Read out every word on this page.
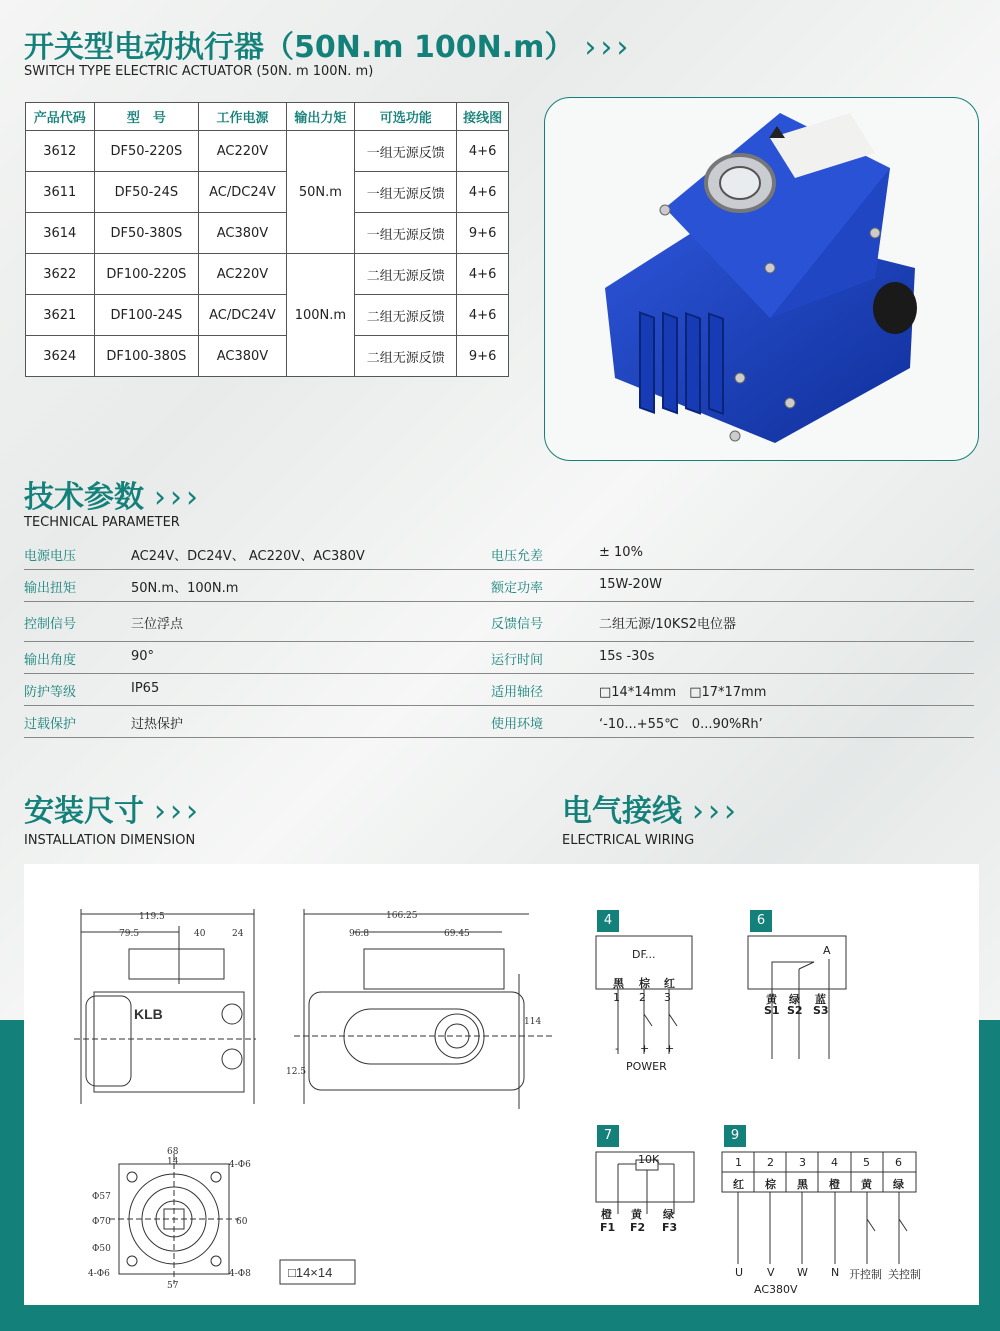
开关型电动执行器（50N.m 100N.m） ›››
SWITCH TYPE ELECTRIC ACTUATOR (50N. m 100N. m)
产品代码	型　号	工作电源	输出力矩	可选功能	接线图
3612	DF50-220S	AC220V	50N.m	一组无源反馈	4+6
3611	DF50-24S	AC/DC24V		一组无源反馈	4+6
3614	DF50-380S	AC380V		一组无源反馈	9+6
3622	DF100-220S	AC220V	100N.m	二组无源反馈	4+6
3621	DF100-24S	AC/DC24V		二组无源反馈	4+6
3624	DF100-380S	AC380V		二组无源反馈	9+6
技术参数 ›››
TECHNICAL PARAMETER
电源电压	AC24V、DC24V、 AC220V、AC380V	电压允差	± 10%
输出扭矩	50N.m、100N.m	额定功率	15W-20W
控制信号	三位浮点	反馈信号	二组无源/10KS2电位器
输出角度	90°	运行时间	15s -30s
防护等级	IP65	适用轴径	□14*14mm　□17*17mm
过载保护	过热保护	使用环境	‘-10...+55℃　0...90%Rh’
安装尺寸 ›››
INSTALLATION DIMENSION
电气接线 ›››
ELECTRICAL WIRING
119.5
79.5	40	24
166.25
96.8	69.45
114
12.5
68
14	4-Φ6
Φ57
Φ70
Φ50
60
4-Φ6	4-Φ8
57
KLB
□14×14
4
DF...
黑 棕 红
1 2 3
- + +
POWER
6
A
黄 绿 蓝
S1 S2 S3
7
10K
橙 黄 绿
F1 F2 F3
9
1 2 3 4 5 6
红 棕 黑 橙 黄 绿
U V W N 开控制 关控制
AC380V
